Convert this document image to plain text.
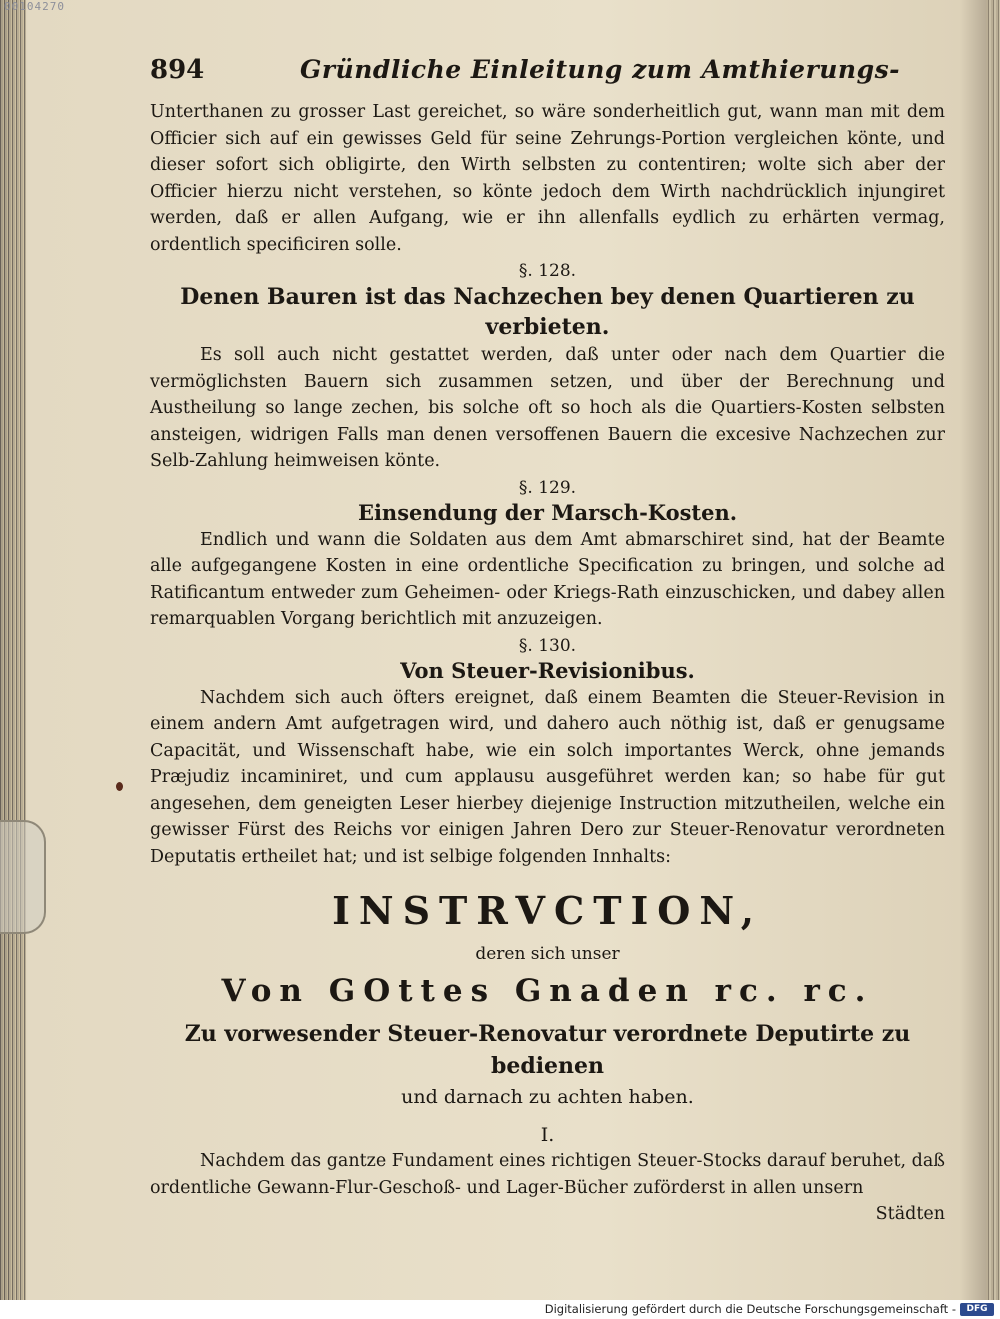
00104270
894	Gründliche Einleitung zum Amthierungs-

Unterthanen zu grosser Last gereichet, so wäre sonderheitlich gut, wann man mit dem Officier sich auf ein gewisses Geld für seine Zehrungs-Portion vergleichen könte, und dieser sofort sich obligirte, den Wirth selbsten zu contentiren; wolte sich aber der Officier hierzu nicht verstehen, so könte jedoch dem Wirth nachdrücklich injungiret werden, daß er allen Aufgang, wie er ihn allenfalls eydlich zu erhärten vermag, ordentlich specificiren solle.

§. 128.

Denen Bauren ist das Nachzechen bey denen Quartieren zu verbieten.

Es soll auch nicht gestattet werden, daß unter oder nach dem Quartier die vermöglichsten Bauern sich zusammen setzen, und über der Berechnung und Austheilung so lange zechen, bis solche oft so hoch als die Quartiers-Kosten selbsten ansteigen, widrigen Falls man denen versoffenen Bauern die excesive Nachzechen zur Selb-Zahlung heimweisen könte.

§. 129.

Einsendung der Marsch-Kosten.

Endlich und wann die Soldaten aus dem Amt abmarschiret sind, hat der Beamte alle aufgegangene Kosten in eine ordentliche Specification zu bringen, und solche ad Ratificantum entweder zum Geheimen- oder Kriegs-Rath einzuschicken, und dabey allen remarquablen Vorgang berichtlich mit anzuzeigen.

§. 130.

Von Steuer-Revisionibus.

Nachdem sich auch öfters ereignet, daß einem Beamten die Steuer-Revision in einem andern Amt aufgetragen wird, und dahero auch nöthig ist, daß er genugsame Capacität, und Wissenschaft habe, wie ein solch importantes Werck, ohne jemands Præjudiz incaminiret, und cum applausu ausgeführet werden kan; so habe für gut angesehen, dem geneigten Leser hierbey diejenige Instruction mitzutheilen, welche ein gewisser Fürst des Reichs vor einigen Jahren Dero zur Steuer-Renovatur verordneten Deputatis ertheilet hat; und ist selbige folgenden Innhalts:

INSTRVCTION,

deren sich unser

Von GOttes Gnaden rc. rc.

Zu vorwesender Steuer-Renovatur verordnete Deputirte zu bedienen

und darnach zu achten haben.

I.

Nachdem das gantze Fundament eines richtigen Steuer-Stocks darauf beruhet, daß ordentliche Gewann-Flur-Geschoß- und Lager-Bücher zuförderst in allen unsern

Städten

Digitalisierung gefördert durch die Deutsche Forschungsgemeinschaft -	DFG
